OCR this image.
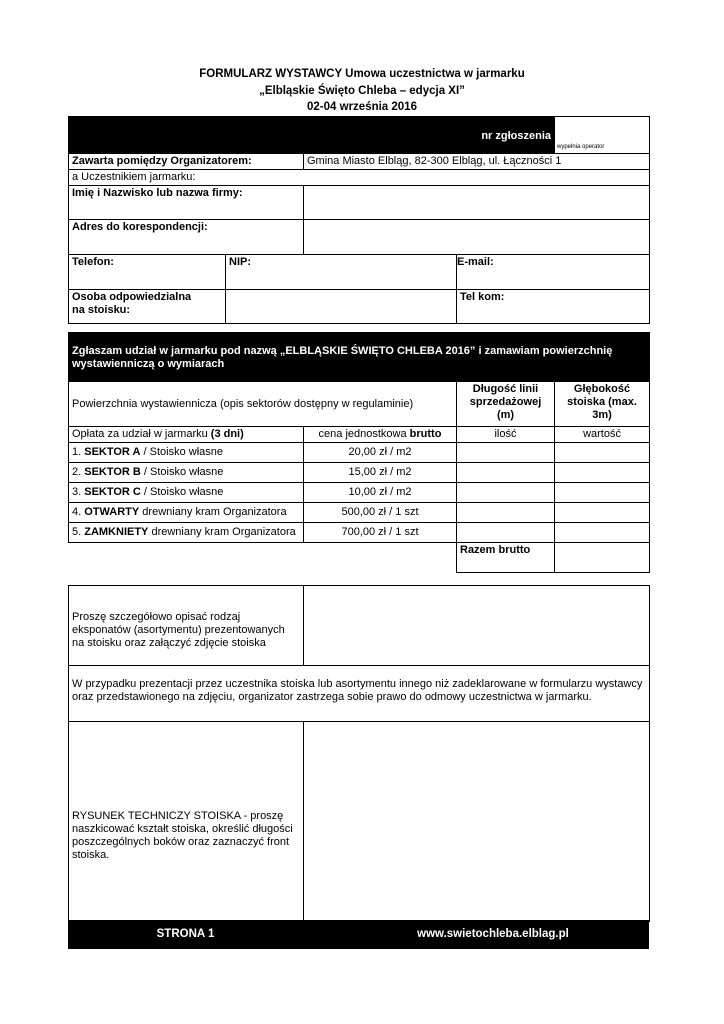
FORMULARZ WYSTAWCY Umowa uczestnictwa w jarmarku
„Elbląskie Święto Chleba – edycja XI”
02-04 września 2016
nr zgłoszenia				wypełnia operator
Zawarta pomiędzy Organizatorem:		Gmina Miasto Elbląg, 82-300 Elbląg, ul. Łączności 1		
a Uczestnikiem jarmarku:				
Imię i Nazwisko lub nazwa firmy:				
Adres do korespondencji:				
Telefon:	NIP:		E-mail:	
Osoba odpowiedzialna
na stoisku:			Tel kom:	
Zgłaszam udział w jarmarku pod nazwą „ELBLĄSKIE ŚWIĘTO CHLEBA 2016” i zamawiam powierzchnię
wystawienniczą o wymiarach			
Powierzchnia wystawiennicza (opis sektorów dostępny w regulaminie)		Długość linii sprzedażowej (m)	Głębokość stoiska (max. 3m)
Opłata za udział w jarmarku (3 dni)	cena jednostkowa brutto	ilość	wartość
1. SEKTOR A / Stoisko własne	20,00 zł / m2		
2. SEKTOR B / Stoisko własne	15,00 zł / m2		
3. SEKTOR C / Stoisko własne	10,00 zł / m2		
4. OTWARTY drewniany kram Organizatora	500,00 zł / 1 szt		
5. ZAMKNIETY drewniany kram Organizatora	700,00 zł / 1 szt		
		Razem brutto	
Proszę szczegółowo opisać rodzaj eksponatów (asortymentu) prezentowanych na stoisku oraz załączyć zdjęcie stoiska	
W przypadku prezentacji przez uczestnika stoiska lub asortymentu innego niż zadeklarowane w formularzu wystawcy oraz przedstawionego na zdjęciu, organizator zastrzega sobie prawo do odmowy uczestnictwa w jarmarku.	
RYSUNEK TECHNICZY STOISKA - proszę naszkicować kształt stoiska, określić długości poszczególnych boków oraz zaznaczyć front stoiska.	
STRONA 1	www.swietochleba.elblag.pl
